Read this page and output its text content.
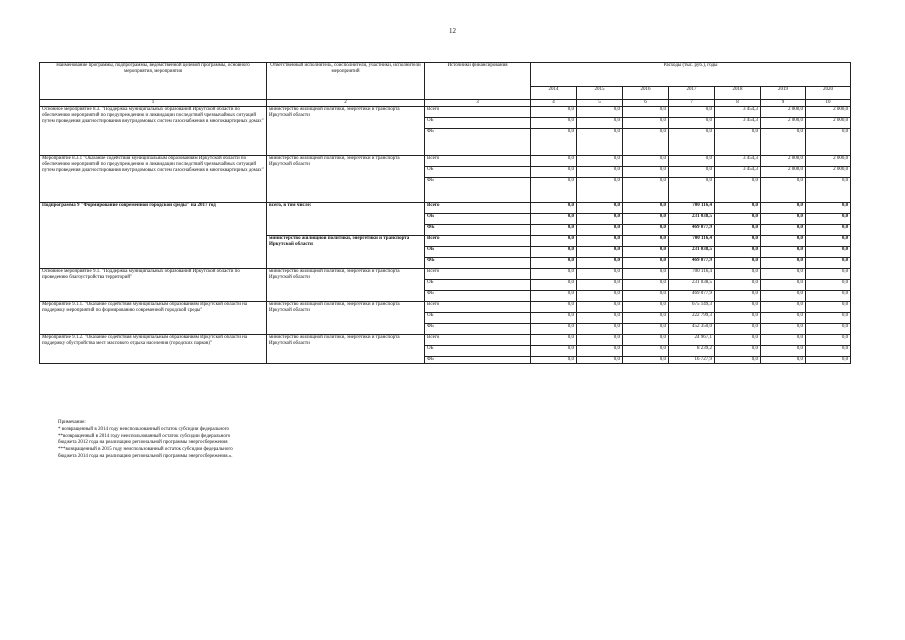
12
Наименование программы, подпрограммы, ведомственной целевой программы, основного мероприятия, мероприятия	Ответственный исполнитель, соисполнители, участники, исполнители мероприятий	Источники финансирования	Расходы (тыс. руб.), годы						
			2014	2015	2016	2017	2018	2019	2020
1	2	3	4	5	6	7	8	9	10
Основное мероприятие 8.3. "Поддержка муниципальных образований Иркутской области по обеспечению мероприятий по предупреждению и ликвидации последствий чрезвычайных ситуаций путем проведения диагностирования внутридомовых систем газоснабжения в многоквартирных домах"	министерство жилищной политики, энергетики и транспорта Иркутской области	Всего	0,0	0,0	0,0	0,0	3 454,3	2 000,0	2 000,0
		ОБ	0,0	0,0	0,0	0,0	3 454,3	2 000,0	2 000,0
		ФБ	0,0	0,0	0,0	0,0	0,0	0,0	0,0
Мероприятие 8.3.1 "Оказание содействия муниципальным образованиям Иркутской области по обеспечению мероприятий по предупреждению и ликвидации последствий чрезвычайных ситуаций путем проведения диагностирования внутридомовых систем газоснабжения в многоквартирных домах"	министерство жилищной политики, энергетики и транспорта Иркутской области	Всего	0,0	0,0	0,0	0,0	3 454,3	2 000,0	2 000,0
		ОБ	0,0	0,0	0,0	0,0	3 454,3	2 000,0	2 000,0
		ФБ	0,0	0,0	0,0	0,0	0,0	0,0	0,0
Подпрограмма 9 "Формирование современной городской среды" на 2017 год	всего, в том числе:	Всего	0,0	0,0	0,0	700 116,4	0,0	0,0	0,0
		ОБ	0,0	0,0	0,0	231 038,5	0,0	0,0	0,0
		ФБ	0,0	0,0	0,0	469 077,9	0,0	0,0	0,0
	министерство жилищной политики, энергетики и транспорта Иркутской области	Всего	0,0	0,0	0,0	700 116,4	0,0	0,0	0,0
		ОБ	0,0	0,0	0,0	231 038,5	0,0	0,0	0,0
		ФБ	0,0	0,0	0,0	469 077,9	0,0	0,0	0,0
Основное мероприятие 9.1. "Поддержка муниципальных образований Иркутской области по проведению благоустройства территорий"	министерство жилищной политики, энергетики и транспорта Иркутской области	Всего	0,0	0,0	0,0	700 116,4	0,0	0,0	0,0
		ОБ	0,0	0,0	0,0	231 038,5	0,0	0,0	0,0
		ФБ	0,0	0,0	0,0	469 077,9	0,0	0,0	0,0
Мероприятие 9.1.1. "Оказание содействия муниципальным образованиям Иркутской области на поддержку мероприятий по формированию современной городской среды"	министерство жилищной политики, энергетики и транспорта Иркутской области	Всего	0,0	0,0	0,0	675 149,3	0,0	0,0	0,0
		ОБ	0,0	0,0	0,0	222 799,3	0,0	0,0	0,0
		ФБ	0,0	0,0	0,0	452 350,0	0,0	0,0	0,0
Мероприятие 9.1.2. "Оказание содействия муниципальным образованиям Иркутской области на поддержку обустройства мест массового отдыха населения (городских парков)"	министерство жилищной политики, энергетики и транспорта Иркутской области	Всего	0,0	0,0	0,0	24 967,1	0,0	0,0	0,0
		ОБ	0,0	0,0	0,0	8 239,2	0,0	0,0	0,0
		ФБ	0,0	0,0	0,0	16 727,9	0,0	0,0	0,0
Примечание:
* возвращенный в 2014 году неиспользованный остаток субсидии федерального
**возвращенный в 2014 году неиспользованный остаток субсидии федерального
бюджета 2012 года на реализацию региональной программы энергосбережения
***возвращенный в 2015 году неиспользованный остаток субсидии федерального
бюджета 2014 года на реализацию региональной программы энергосбережения.».
